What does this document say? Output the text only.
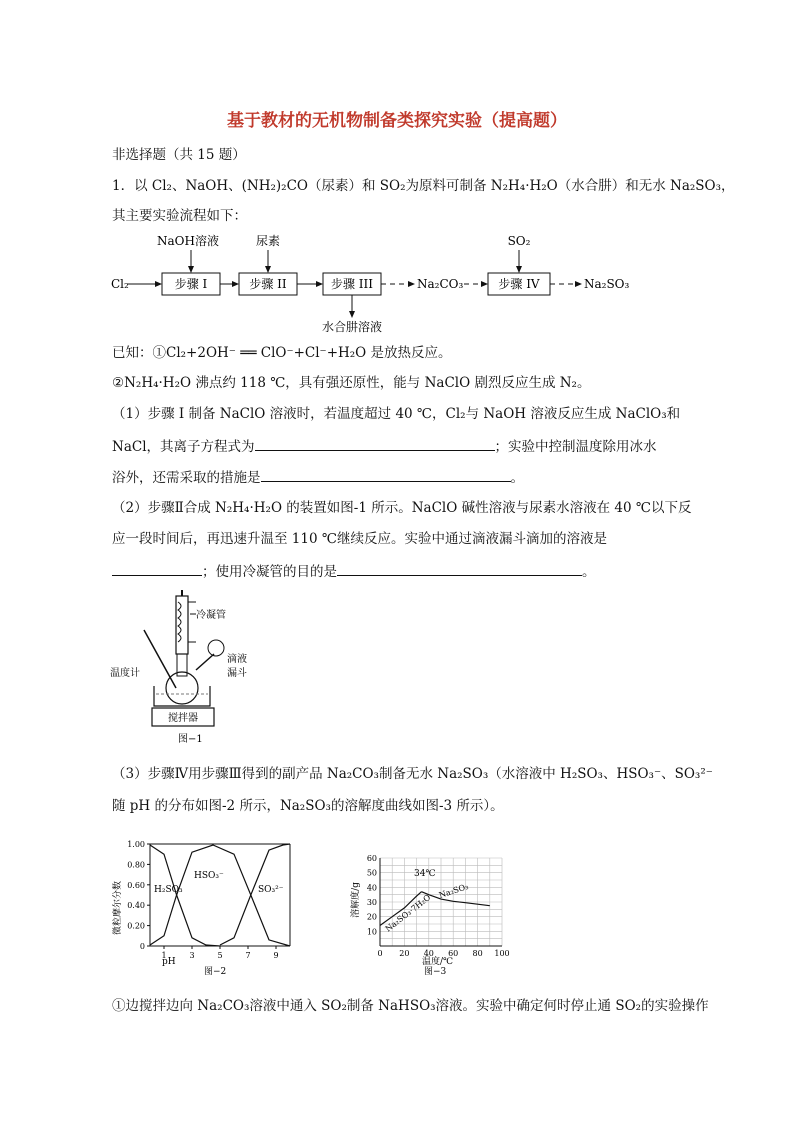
基于教材的无机物制备类探究实验（提高题）
非选择题（共 15 题）
1．以 Cl₂、NaOH、(NH₂)₂CO（尿素）和 SO₂为原料可制备 N₂H₄·H₂O（水合肼）和无水 Na₂SO₃，
其主要实验流程如下：
Cl₂	步骤 I
NaOH溶液
步骤 II
尿素
步骤 III
水合肼溶液
Na₂CO₃	步骤 IV
SO₂
Na₂SO₃
已知：①Cl₂+2OH⁻ ══ ClO⁻+Cl⁻+H₂O 是放热反应。
②N₂H₄·H₂O 沸点约 118 ℃，具有强还原性，能与 NaClO 剧烈反应生成 N₂。
（1）步骤 I 制备 NaClO 溶液时，若温度超过 40 ℃，Cl₂与 NaOH 溶液反应生成 NaClO₃和
NaCl，其离子方程式为	；实验中控制温度除用冰水
浴外，还需采取的措施是	。
（2）步骤Ⅱ合成 N₂H₄·H₂O 的装置如图-1 所示。NaClO 碱性溶液与尿素水溶液在 40 ℃以下反
应一段时间后，再迅速升温至 110 ℃继续反应。实验中通过滴液漏斗滴加的溶液是
；使用冷凝管的目的是	。
冷凝管
滴液
漏斗
温度计
搅拌器
图−1
（3）步骤Ⅳ用步骤Ⅲ得到的副产品 Na₂CO₃制备无水 Na₂SO₃（水溶液中 H₂SO₃、HSO₃⁻、SO₃²⁻
随 pH 的分布如图-2 所示，Na₂SO₃的溶解度曲线如图-3 所示）。
微粒摩尔分数
0
0.20
0.40
0.60
0.80
1.00
1	3	5	7	9
pH
图−2
H₂SO₃
HSO₃⁻
SO₃²⁻	溶解度/g
10
20
30
40
50
60
0 20 40 60 80 100
温度/℃
图−3
34℃
Na₂SO₃·7H₂O
Na₂SO₃
①边搅拌边向 Na₂CO₃溶液中通入 SO₂制备 NaHSO₃溶液。实验中确定何时停止通 SO₂的实验操作
